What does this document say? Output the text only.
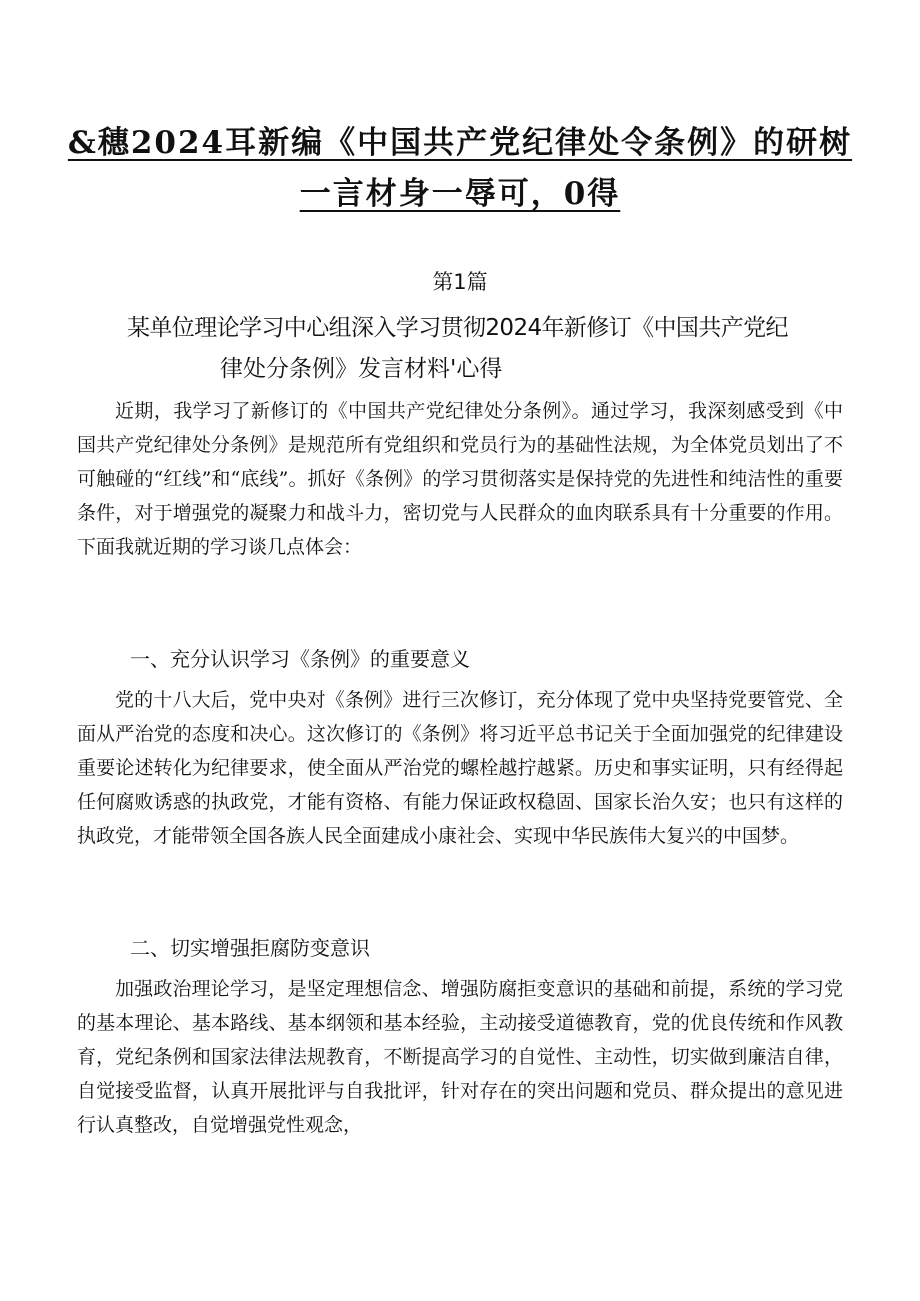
&穗2024耳新编《中国共产党纪律处令条例》的研树
一言材身一辱可，0得
第1篇
某单位理论学习中心组深入学习贯彻2024年新修订《中国共产党纪
律处分条例》发言材料'心得

近期，我学习了新修订的《中国共产党纪律处分条例》。通过学习，我深刻感受到《中国共产党纪律处分条例》是规范所有党组织和党员行为的基础性法规，为全体党员划出了不可触碰的“红线”和“底线”。抓好《条例》的学习贯彻落实是保持党的先进性和纯洁性的重要条件，对于增强党的凝聚力和战斗力，密切党与人民群众的血肉联系具有十分重要的作用。下面我就近期的学习谈几点体会：

一、充分认识学习《条例》的重要意义

党的十八大后，党中央对《条例》进行三次修订，充分体现了党中央坚持党要管党、全面从严治党的态度和决心。这次修订的《条例》将习近平总书记关于全面加强党的纪律建设重要论述转化为纪律要求，使全面从严治党的螺栓越拧越紧。历史和事实证明，只有经得起任何腐败诱惑的执政党，才能有资格、有能力保证政权稳固、国家长治久安；也只有这样的执政党，才能带领全国各族人民全面建成小康社会、实现中华民族伟大复兴的中国梦。

二、切实增强拒腐防变意识

加强政治理论学习，是坚定理想信念、增强防腐拒变意识的基础和前提，系统的学习党的基本理论、基本路线、基本纲领和基本经验，主动接受道德教育，党的优良传统和作风教育，党纪条例和国家法律法规教育，不断提高学习的自觉性、主动性，切实做到廉洁自律，自觉接受监督，认真开展批评与自我批评，针对存在的突出问题和党员、群众提出的意见进行认真整改，自觉增强党性观念，
